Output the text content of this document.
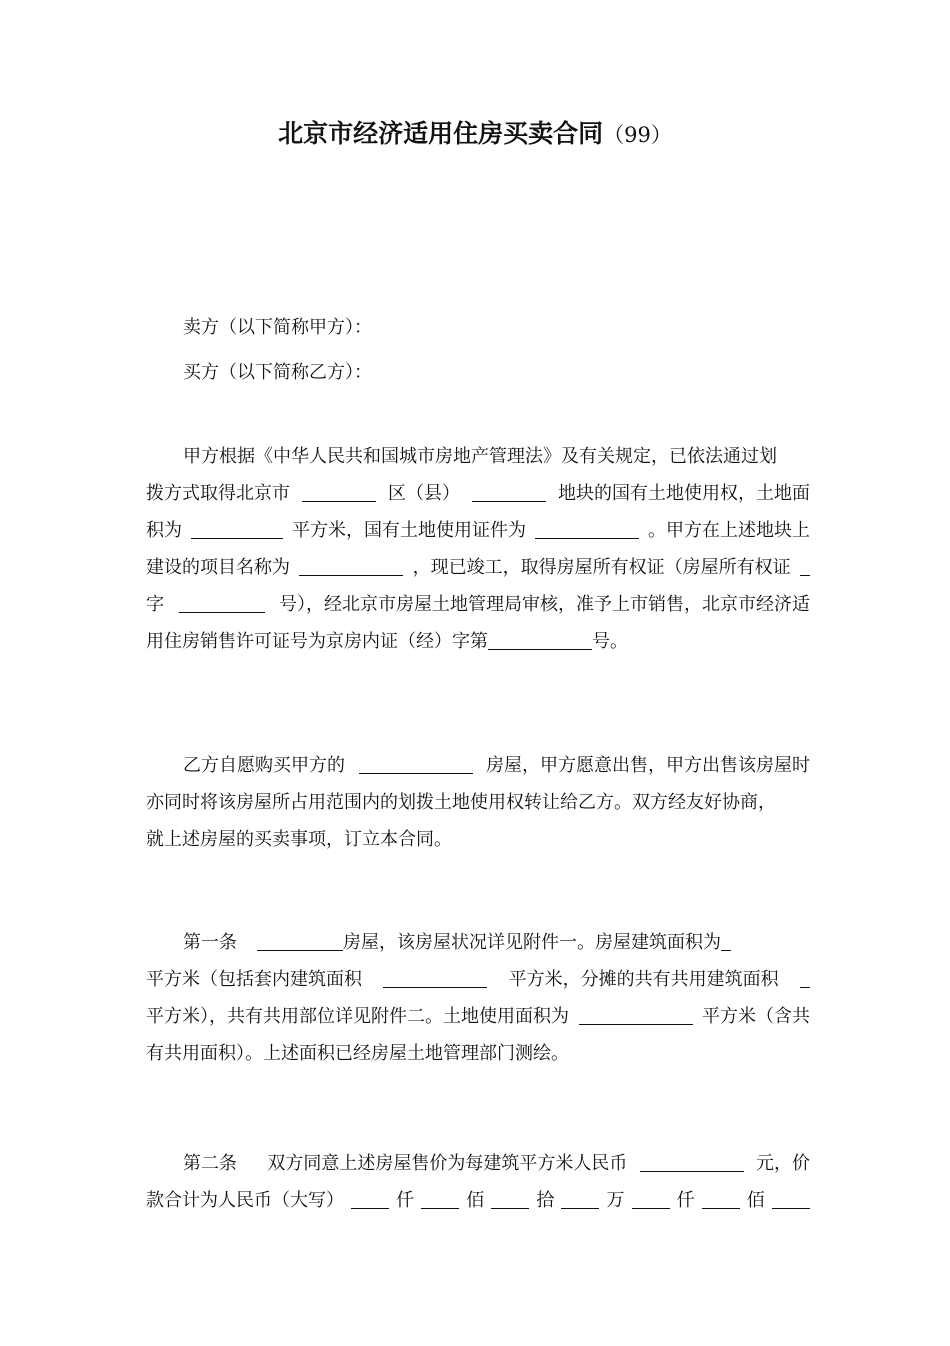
北京市经济适用住房买卖合同（99）
卖方（以下简称甲方）：
买方（以下简称乙方）：
甲方根据《中华人民共和国城市房地产管理法》及有关规定，已依法通过划
拨方式取得北京市	区（县）	地块的国有土地使用权，土地面
积为	平方米，国有土地使用证件为	。甲方在上述地块上
建设的项目名称为	，现已竣工，取得房屋所有权证（房屋所有权证
字	号），经北京市房屋土地管理局审核，准予上市销售，北京市经济适
用住房销售许可证号为京房内证（经）字第	号。
乙方自愿购买甲方的	房屋，甲方愿意出售，甲方出售该房屋时
亦同时将该房屋所占用范围内的划拨土地使用权转让给乙方。双方经友好协商，
就上述房屋的买卖事项，订立本合同。
第一条	房屋，该房屋状况详见附件一。房屋建筑面积为
平方米（包括套内建筑面积	平方米，分摊的共有共用建筑面积
平方米），共有共用部位详见附件二。土地使用面积为	平方米（含共
有共用面积）。上述面积已经房屋土地管理部门测绘。
第二条 双方同意上述房屋售价为每建筑平方米人民币	元，价
款合计为人民币（大写）	仟	佰	拾	万	仟	佰
